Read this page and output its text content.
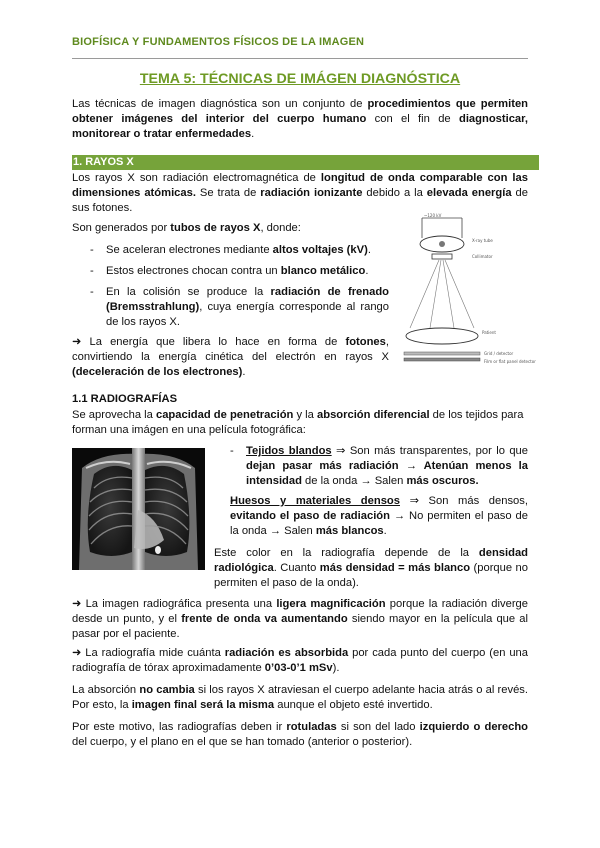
BIOFÍSICA Y FUNDAMENTOS FÍSICOS DE LA IMAGEN
TEMA 5: TÉCNICAS DE IMÁGEN DIAGNÓSTICA
Las técnicas de imagen diagnóstica son un conjunto de procedimientos que permiten obtener imágenes del interior del cuerpo humano con el fin de diagnosticar, monitorear o tratar enfermedades.
1. RAYOS X
Los rayos X son radiación electromagnética de longitud de onda comparable con las dimensiones atómicas. Se trata de radiación ionizante debido a la elevada energía de sus fotones.
Son generados por tubos de rayos X, donde:
- Se aceleran electrones mediante altos voltajes (kV).
- Estos electrones chocan contra un blanco metálico.
- En la colisión se produce la radiación de frenado (Bremsstrahlung), cuya energía corresponde al rango de los rayos X.
➜ La energía que libera lo hace en forma de fotones, convirtiendo la energía cinética del electrón en rayos X (deceleración de los electrones).
~120 kV
X-ray tube
Collimator
Patient
Grid / detector
Film or flat panel detector
1.1 RADIOGRAFÍAS
Se aprovecha la capacidad de penetración y la absorción diferencial de los tejidos para forman una imágen en una película fotográfica:
- Tejidos blandos ⇒ Son más transparentes, por lo que dejan pasar más radiación → Atenúan menos la intensidad de la onda → Salen más oscuros.
- Huesos y materiales densos ⇒ Son más densos, evitando el paso de radiación → No permiten el paso de la onda → Salen más blancos.
Este color en la radiografía depende de la densidad radiológica. Cuanto más densidad = más blanco (porque no permiten el paso de la onda).
➜ La imagen radiográfica presenta una ligera magnificación porque la radiación diverge desde un punto, y el frente de onda va aumentando siendo mayor en la película que al pasar por el paciente.
➜ La radiografía mide cuánta radiación es absorbida por cada punto del cuerpo (en una radiografía de tórax aproximadamente 0’03-0’1 mSv).
La absorción no cambia si los rayos X atraviesan el cuerpo adelante hacia atrás o al revés. Por esto, la imagen final será la misma aunque el objeto esté invertido.
Por este motivo, las radiografías deben ir rotuladas si son del lado izquierdo o derecho del cuerpo, y el plano en el que se han tomado (anterior o posterior).
